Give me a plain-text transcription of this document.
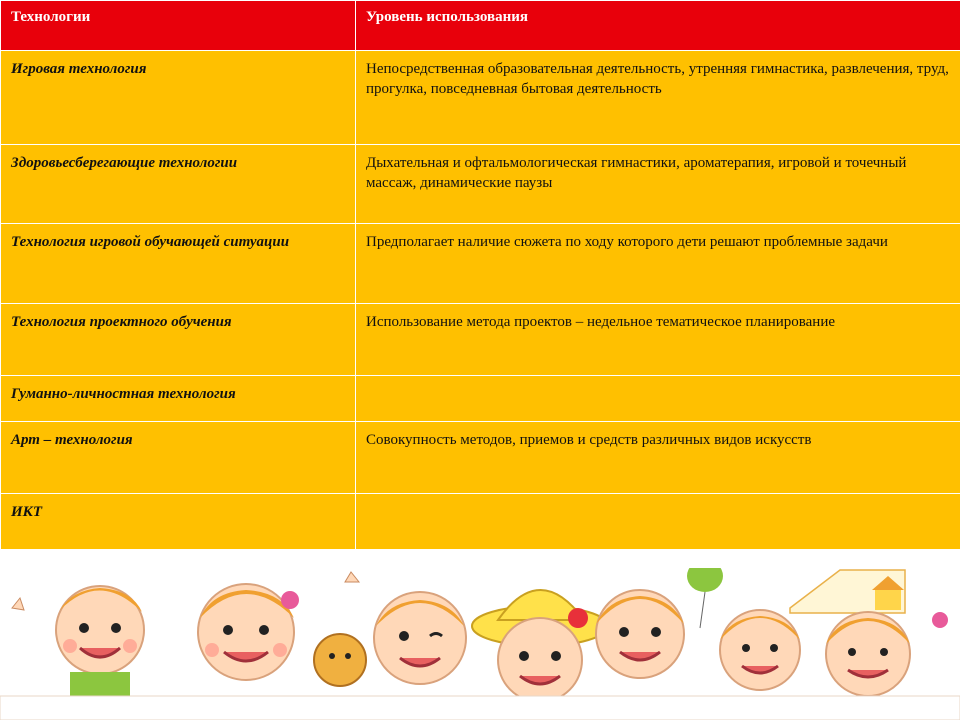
Технологии	Уровень использования
Игровая технология	Непосредственная образовательная деятельность, утренняя гимнастика, развлечения, труд, прогулка, повседневная бытовая деятельность
Здоровьесберегающие технологии	Дыхательная и офтальмологическая гимнастики, ароматерапия, игровой и точечный массаж, динамические паузы
Технология игровой обучающей ситуации	Предполагает наличие сюжета по ходу которого дети решают проблемные задачи
Технология проектного обучения	Использование метода проектов – недельное тематическое планирование
Гуманно-личностная технология	
Арт – технология	Совокупность методов, приемов и средств различных видов искусств
ИКТ	
